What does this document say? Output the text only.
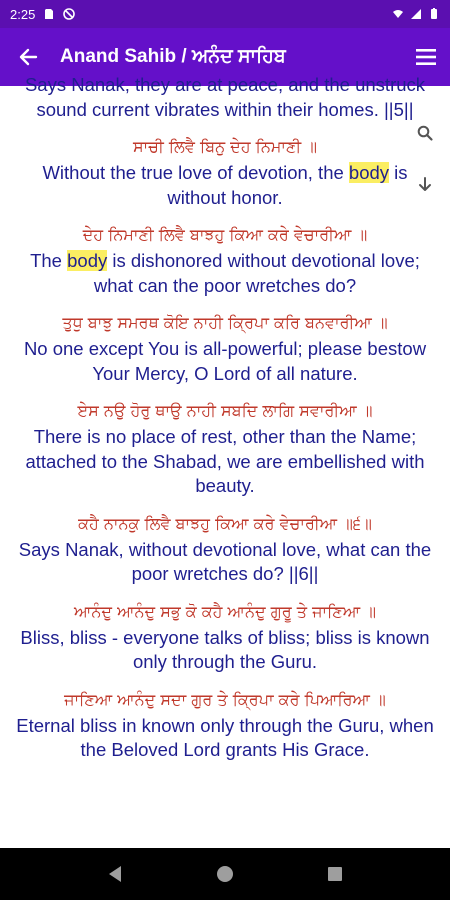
2:25
Anand Sahib / ਅਨੰਦ ਸਾਹਿਬ
Says Nanak, they are at peace, and the unstruck sound current vibrates within their homes. ||5||
ਸਾਚੀ ਲਿਵੈ ਬਿਨੁ ਦੇਹ ਨਿਮਾਣੀ ॥
Without the true love of devotion, the body is without honor.
ਦੇਹ ਨਿਮਾਣੀ ਲਿਵੈ ਬਾਝਹੁ ਕਿਆ ਕਰੇ ਵੇਚਾਰੀਆ ॥
The body is dishonored without devotional love; what can the poor wretches do?
ਤੁਧੁ ਬਾਝੁ ਸਮਰਥ ਕੋਇ ਨਾਹੀ ਕ੍ਰਿਪਾ ਕਰਿ ਬਨਵਾਰੀਆ ॥
No one except You is all-powerful; please bestow Your Mercy, O Lord of all nature.
ਏਸ ਨਉ ਹੋਰੁ ਥਾਉ ਨਾਹੀ ਸਬਦਿ ਲਾਗਿ ਸਵਾਰੀਆ ॥
There is no place of rest, other than the Name; attached to the Shabad, we are embellished with beauty.
ਕਹੈ ਨਾਨਕੁ ਲਿਵੈ ਬਾਝਹੁ ਕਿਆ ਕਰੇ ਵੇਚਾਰੀਆ ॥੬॥
Says Nanak, without devotional love, what can the poor wretches do? ||6||
ਆਨੰਦੁ ਆਨੰਦੁ ਸਭੁ ਕੋ ਕਹੈ ਆਨੰਦੁ ਗੁਰੂ ਤੇ ਜਾਣਿਆ ॥
Bliss, bliss - everyone talks of bliss; bliss is known only through the Guru.
ਜਾਣਿਆ ਆਨੰਦੁ ਸਦਾ ਗੁਰ ਤੇ ਕ੍ਰਿਪਾ ਕਰੇ ਪਿਆਰਿਆ ॥
Eternal bliss in known only through the Guru, when the Beloved Lord grants His Grace.
